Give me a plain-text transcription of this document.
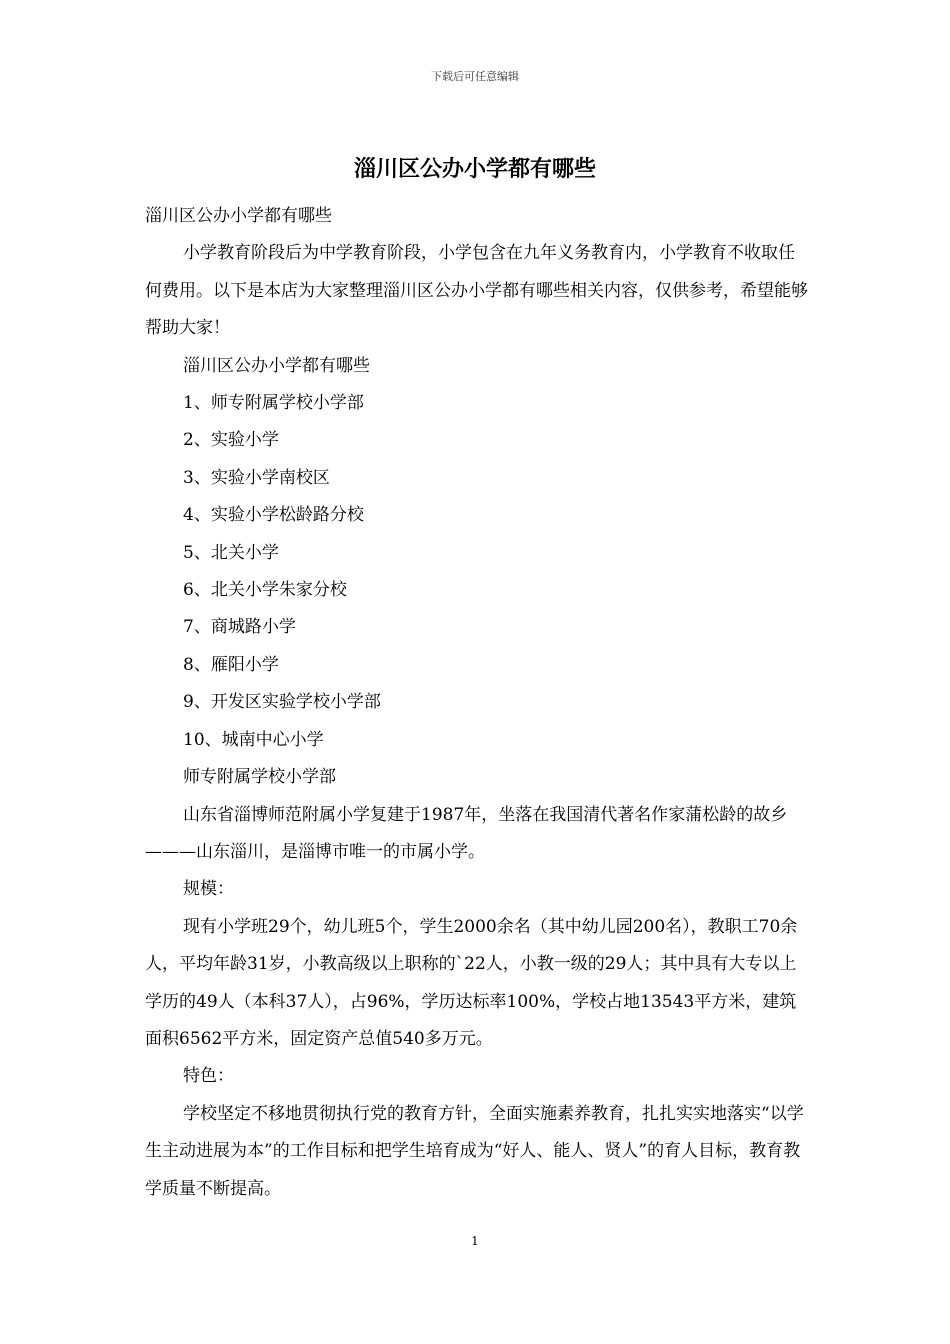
下载后可任意编辑
淄川区公办小学都有哪些

淄川区公办小学都有哪些

小学教育阶段后为中学教育阶段，小学包含在九年义务教育内，小学教育不收取任何费用。以下是本店为大家整理淄川区公办小学都有哪些相关内容，仅供参考，希望能够帮助大家！

淄川区公办小学都有哪些

1、师专附属学校小学部
2、实验小学
3、实验小学南校区
4、实验小学松龄路分校
5、北关小学
6、北关小学朱家分校
7、商城路小学
8、雁阳小学
9、开发区实验学校小学部
10、城南中心小学

师专附属学校小学部

山东省淄博师范附属小学复建于1987年，坐落在我国清代著名作家蒲松龄的故乡———山东淄川，是淄博市唯一的市属小学。

规模：

现有小学班29个，幼儿班5个，学生2000余名（其中幼儿园200名），教职工70余人，平均年龄31岁，小教高级以上职称的`22人，小教一级的29人；其中具有大专以上学历的49人（本科37人），占96%，学历达标率100%，学校占地13543平方米，建筑面积6562平方米，固定资产总值540多万元。

特色：

学校坚定不移地贯彻执行党的教育方针，全面实施素养教育，扎扎实实地落实“以学生主动进展为本”的工作目标和把学生培育成为“好人、能人、贤人”的育人目标，教育教学质量不断提高。

1
